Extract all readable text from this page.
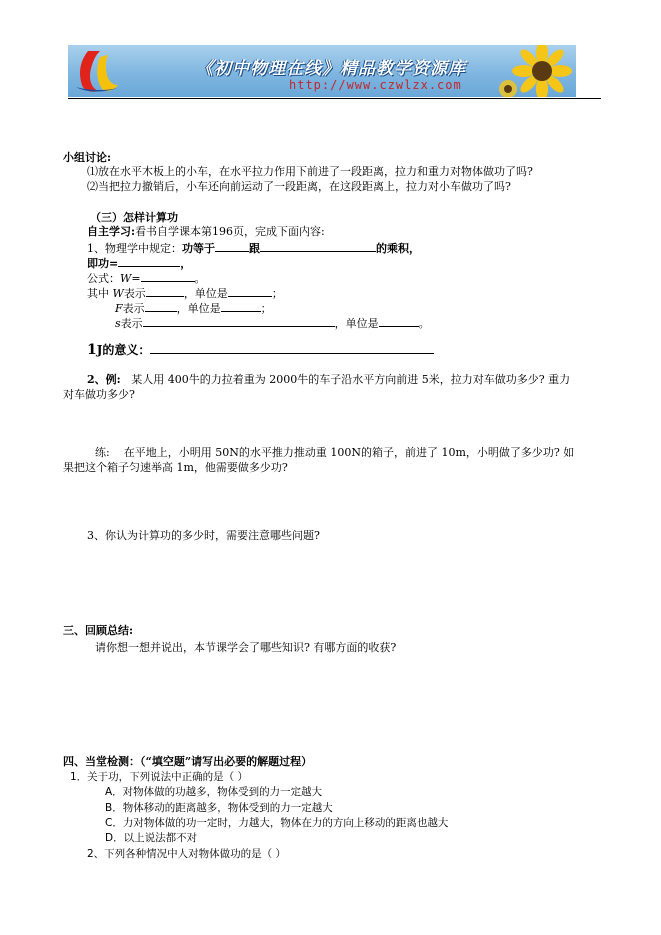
《初中物理在线》精品教学资源库
http://www.czwlzx.com
小组讨论:
⑴放在水平木板上的小车，在水平拉力作用下前进了一段距离，拉力和重力对物体做功了吗?
⑵当把拉力撤销后，小车还向前运动了一段距离，在这段距离上，拉力对小车做功了吗?
（三）怎样计算功
自主学习:看书自学课本第196页，完成下面内容:
1、物理学中规定：功等于	跟	的乘积，
即功=	，
公式：W=	。
其中 W表示	，单位是	；
F表示	，单位是	；
s表示	，单位是	。
1J的意义：
2、例: 某人用 400牛的力拉着重为 2000牛的车子沿水平方向前进 5米，拉力对车做功多少? 重力
对车做功多少?
练: 在平地上，小明用 50N的水平推力推动重 100N的箱子，前进了 10m，小明做了多少功? 如
果把这个箱子匀速举高 1m，他需要做多少功?
3、你认为计算功的多少时，需要注意哪些问题?
三、回顾总结:
请你想一想并说出，本节课学会了哪些知识? 有哪方面的收获?
四、当堂检测：（“填空题”请写出必要的解题过程）
1．关于功，下列说法中正确的是（ ）
A．对物体做的功越多，物体受到的力一定越大
B．物体移动的距离越多，物体受到的力一定越大
C．力对物体做的功一定时，力越大，物体在力的方向上移动的距离也越大
D．以上说法都不对
2、下列各种情况中人对物体做功的是（ ）
